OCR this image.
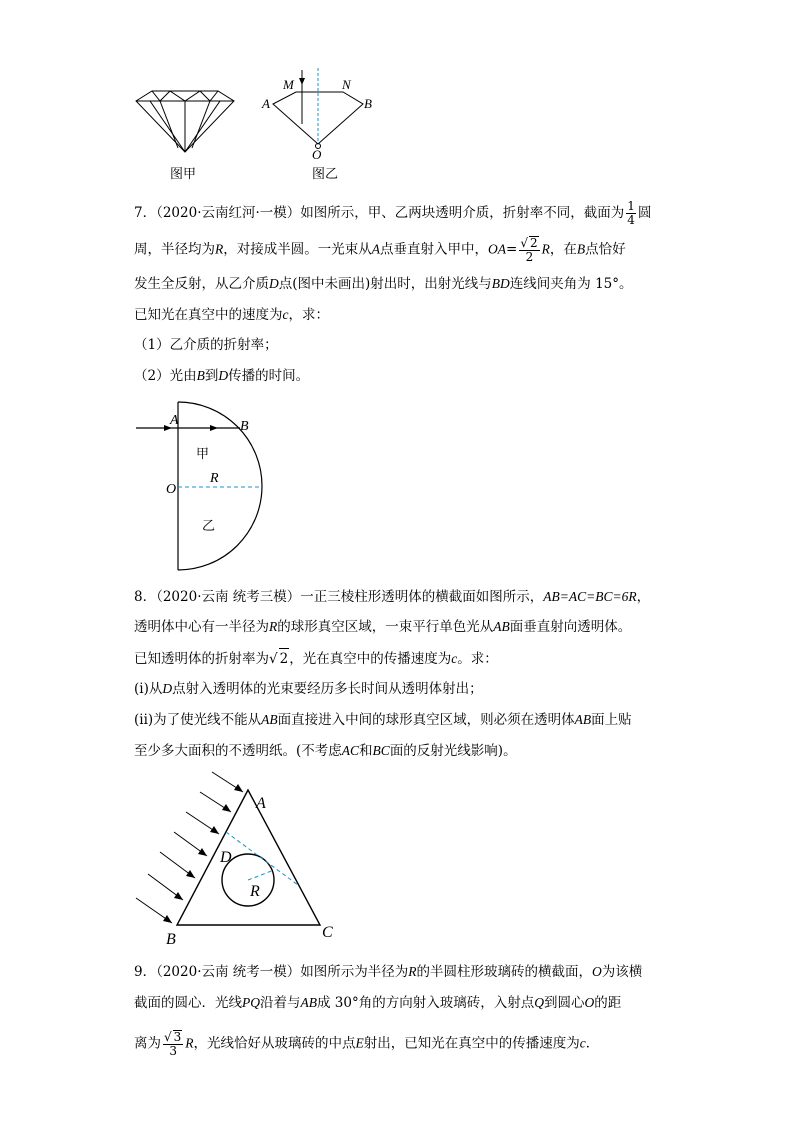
图甲
M	N
A	B
O
图乙
7．（2020·云南红河·一模）如图所示，甲、乙两块透明介质，折射率不同，截面为 $\frac{1}{4}$ 圆
周，半径均为R，对接成半圆。一光束从A点垂直射入甲中，$OA= \frac{√ 2}{2}$ R，在B点恰好
发生全反射，从乙介质D点(图中未画出)射出时，出射光线与BD连线间夹角为 15°。
已知光在真空中的速度为c，求：
（1）乙介质的折射率；
（2）光由B到D传播的时间。
A	B
O
R
甲
乙
8．（2020·云南 统考三模）一正三棱柱形透明体的横截面如图所示，AB=AC=BC=6R，
透明体中心有一半径为R的球形真空区域，一束平行单色光从AB面垂直射向透明体。
已知透明体的折射率为√ 2，光在真空中的传播速度为c。求：
(i)从D点射入透明体的光束要经历多长时间从透明体射出；
(ii)为了使光线不能从AB面直接进入中间的球形真空区域，则必须在透明体AB面上贴
至少多大面积的不透明纸。(不考虑AC和BC面的反射光线影响)。
A
B	C
D
R
9．（2020·云南 统考一模）如图所示为半径为R的半圆柱形玻璃砖的横截面，O为该横
截面的圆心．光线PQ沿着与AB成 30°角的方向射入玻璃砖，入射点Q到圆心O的距
离为 $\frac{√ 3}{3}$ R，光线恰好从玻璃砖的中点E射出，已知光在真空中的传播速度为c．
